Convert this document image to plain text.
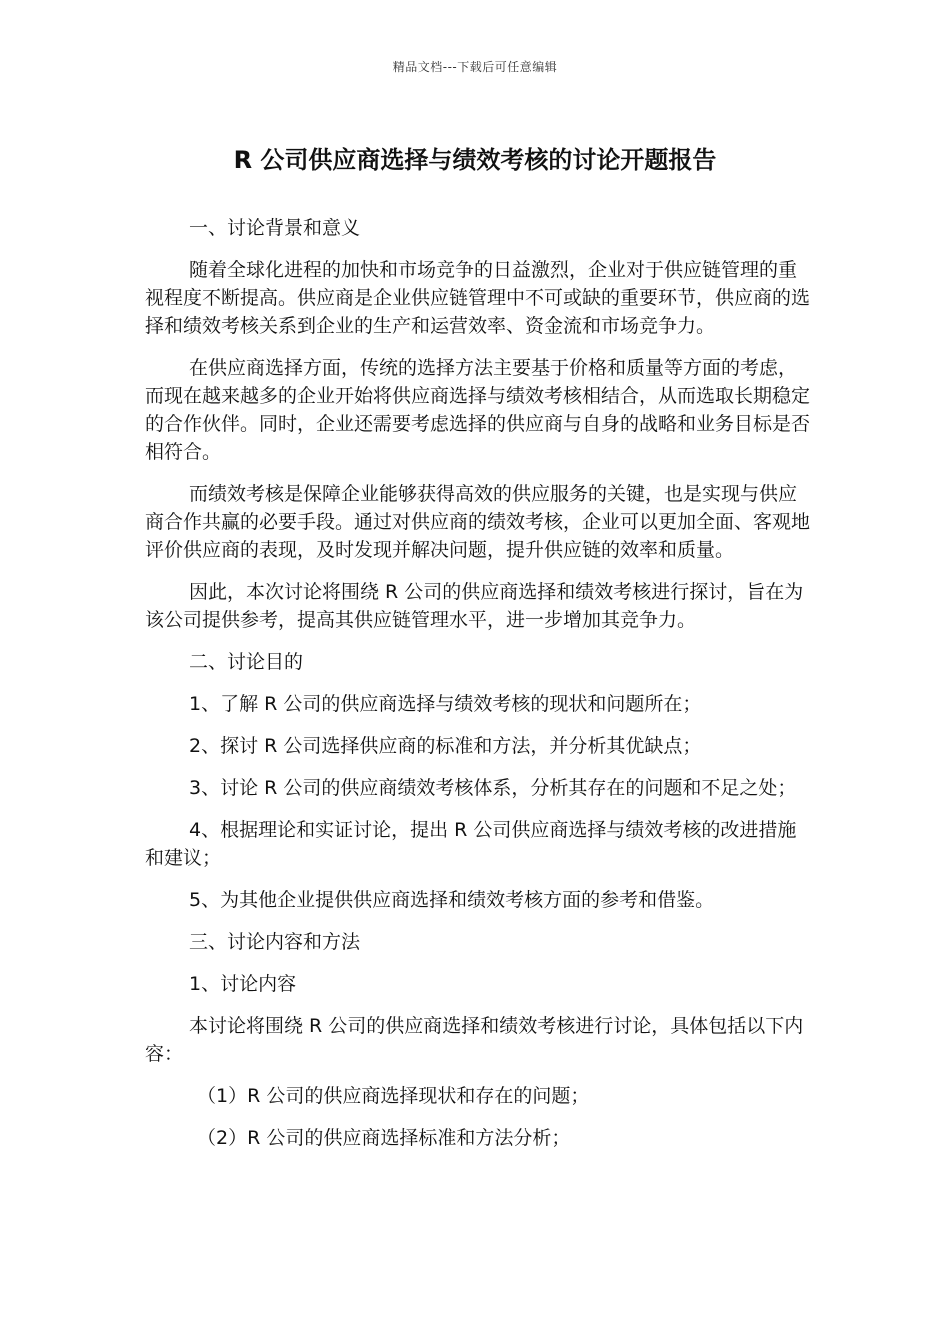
精品文档---下载后可任意编辑
R 公司供应商选择与绩效考核的讨论开题报告

一、讨论背景和意义

随着全球化进程的加快和市场竞争的日益激烈，企业对于供应链管理的重视程度不断提高。供应商是企业供应链管理中不可或缺的重要环节，供应商的选择和绩效考核关系到企业的生产和运营效率、资金流和市场竞争力。

在供应商选择方面，传统的选择方法主要基于价格和质量等方面的考虑，而现在越来越多的企业开始将供应商选择与绩效考核相结合，从而选取长期稳定的合作伙伴。同时，企业还需要考虑选择的供应商与自身的战略和业务目标是否相符合。

而绩效考核是保障企业能够获得高效的供应服务的关键，也是实现与供应商合作共赢的必要手段。通过对供应商的绩效考核，企业可以更加全面、客观地评价供应商的表现，及时发现并解决问题，提升供应链的效率和质量。

因此，本次讨论将围绕 R 公司的供应商选择和绩效考核进行探讨，旨在为该公司提供参考，提高其供应链管理水平，进一步增加其竞争力。

二、讨论目的

1、了解 R 公司的供应商选择与绩效考核的现状和问题所在；

2、探讨 R 公司选择供应商的标准和方法，并分析其优缺点；

3、讨论 R 公司的供应商绩效考核体系，分析其存在的问题和不足之处；

4、根据理论和实证讨论，提出 R 公司供应商选择与绩效考核的改进措施和建议；

5、为其他企业提供供应商选择和绩效考核方面的参考和借鉴。

三、讨论内容和方法

1、讨论内容

本讨论将围绕 R 公司的供应商选择和绩效考核进行讨论，具体包括以下内容：

（1）R 公司的供应商选择现状和存在的问题；

（2）R 公司的供应商选择标准和方法分析；
